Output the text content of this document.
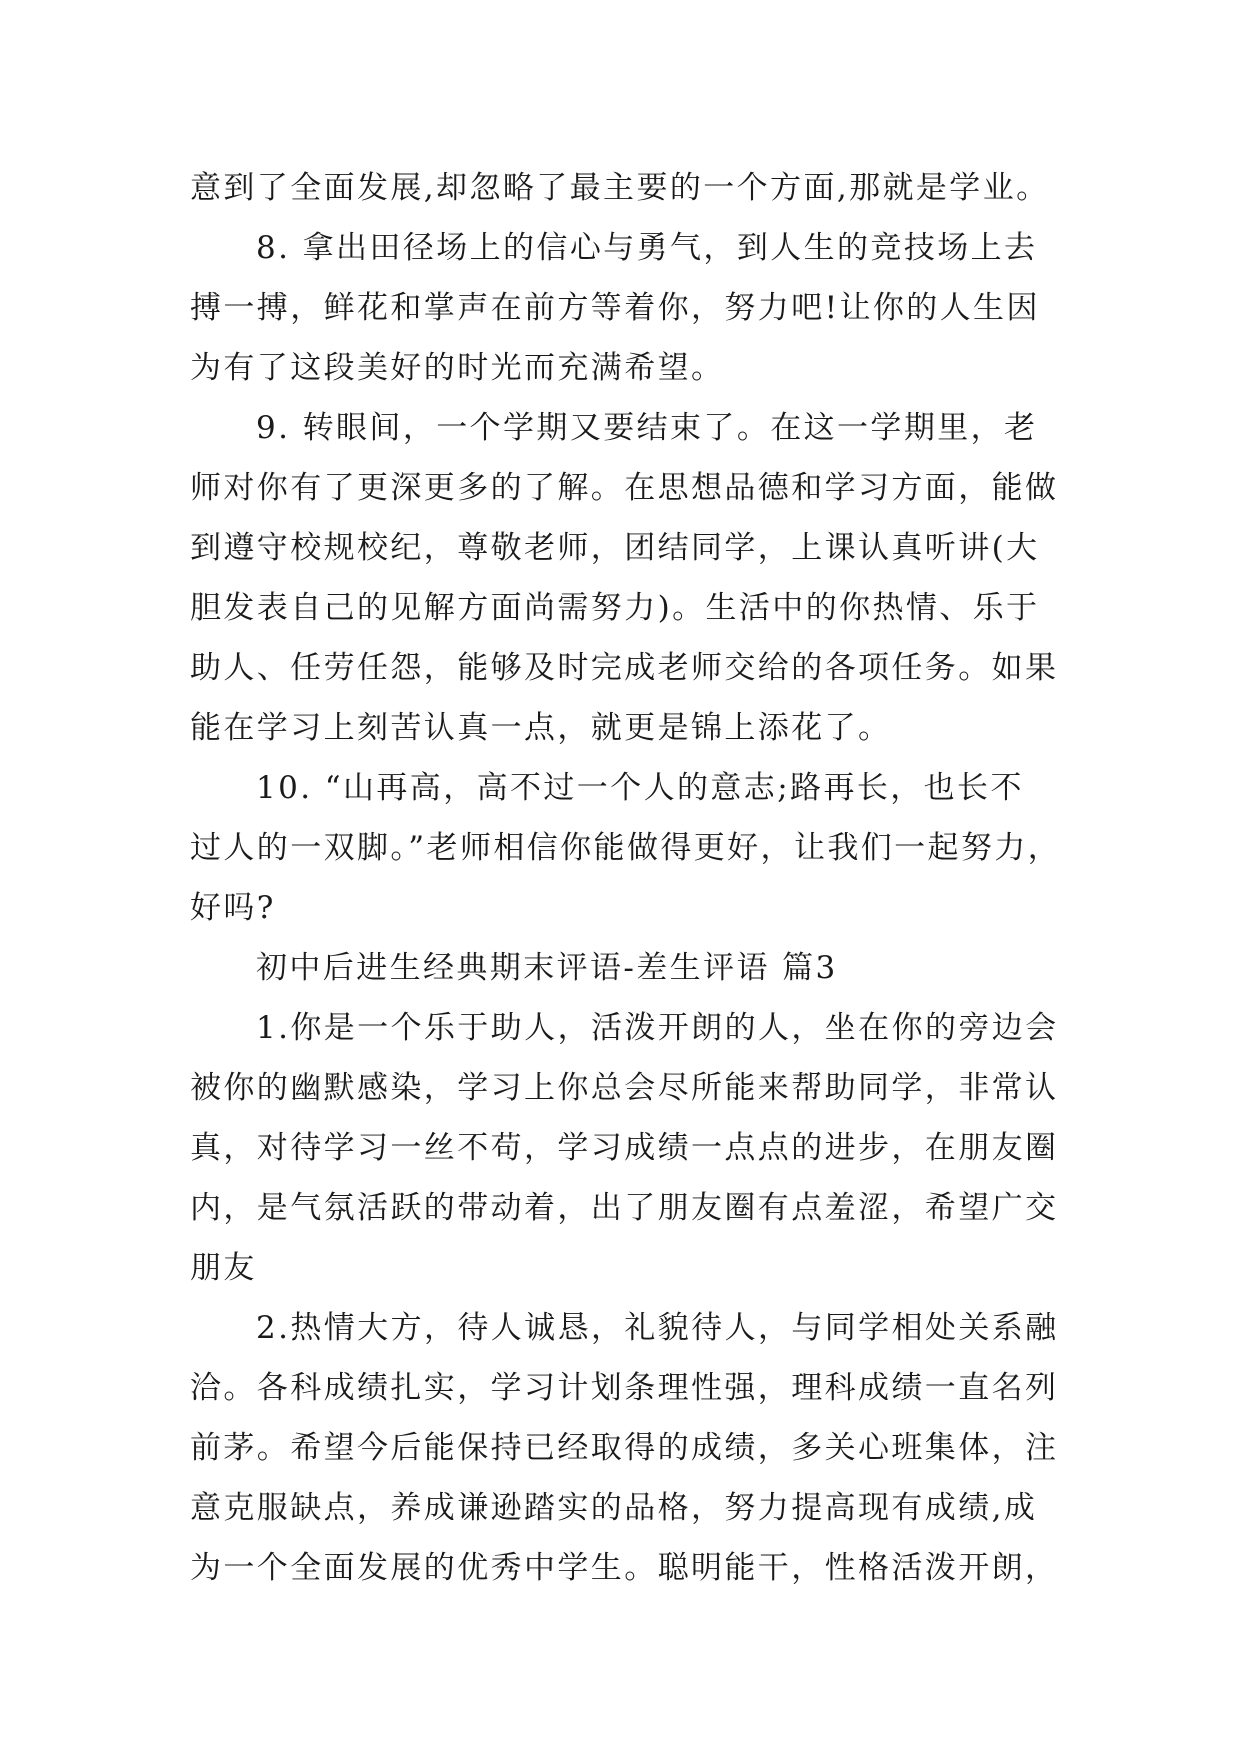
意到了全面发展,却忽略了最主要的一个方面,那就是学业。
8. 拿出田径场上的信心与勇气，到人生的竞技场上去
搏一搏，鲜花和掌声在前方等着你，努力吧!让你的人生因
为有了这段美好的时光而充满希望。
9. 转眼间，一个学期又要结束了。在这一学期里，老
师对你有了更深更多的了解。在思想品德和学习方面，能做
到遵守校规校纪，尊敬老师，团结同学，上课认真听讲(大
胆发表自己的见解方面尚需努力)。生活中的你热情、乐于
助人、任劳任怨，能够及时完成老师交给的各项任务。如果
能在学习上刻苦认真一点，就更是锦上添花了。
10. “山再高，高不过一个人的意志;路再长，也长不
过人的一双脚。”老师相信你能做得更好，让我们一起努力，
好吗?
初中后进生经典期末评语-差生评语 篇3
1.你是一个乐于助人，活泼开朗的人，坐在你的旁边会
被你的幽默感染，学习上你总会尽所能来帮助同学，非常认
真，对待学习一丝不苟，学习成绩一点点的进步，在朋友圈
内，是气氛活跃的带动着，出了朋友圈有点羞涩，希望广交
朋友
2.热情大方，待人诚恳，礼貌待人，与同学相处关系融
洽。各科成绩扎实，学习计划条理性强，理科成绩一直名列
前茅。希望今后能保持已经取得的成绩，多关心班集体，注
意克服缺点，养成谦逊踏实的品格，努力提高现有成绩,成
为一个全面发展的优秀中学生。聪明能干，性格活泼开朗，
